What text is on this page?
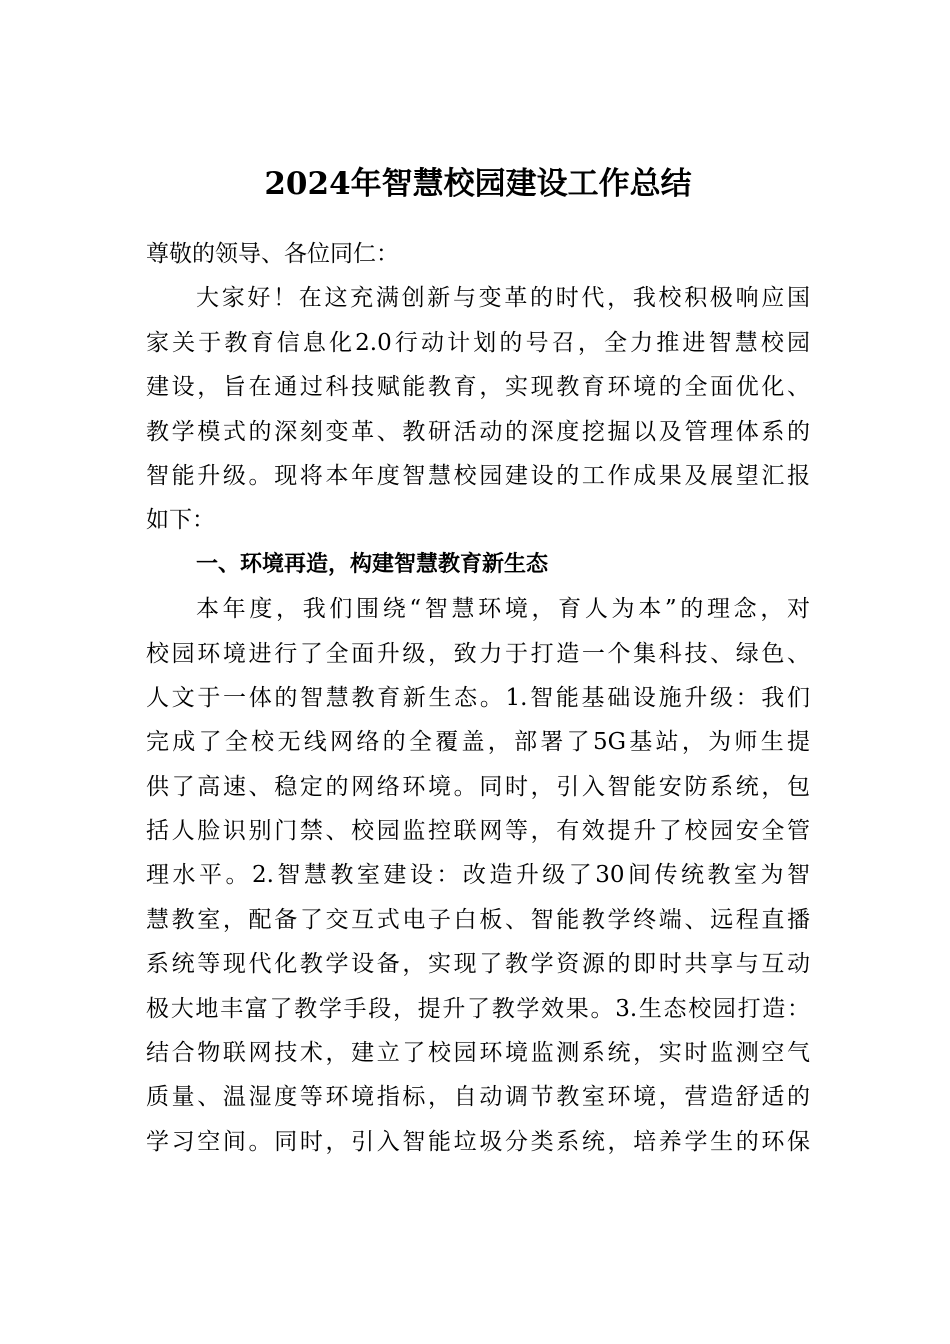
2024年智慧校园建设工作总结
尊敬的领导、各位同仁：
大家好！在这充满创新与变革的时代，我校积极响应国
家关于教育信息化2.0行动计划的号召，全力推进智慧校园
建设，旨在通过科技赋能教育，实现教育环境的全面优化、
教学模式的深刻变革、教研活动的深度挖掘以及管理体系的
智能升级。现将本年度智慧校园建设的工作成果及展望汇报
如下：
一、环境再造，构建智慧教育新生态
本年度，我们围绕“智慧环境，育人为本”的理念，对
校园环境进行了全面升级，致力于打造一个集科技、绿色、
人文于一体的智慧教育新生态。1.智能基础设施升级：我们
完成了全校无线网络的全覆盖，部署了5G基站，为师生提
供了高速、稳定的网络环境。同时，引入智能安防系统，包
括人脸识别门禁、校园监控联网等，有效提升了校园安全管
理水平。2.智慧教室建设：改造升级了30间传统教室为智
慧教室，配备了交互式电子白板、智能教学终端、远程直播
系统等现代化教学设备，实现了教学资源的即时共享与互动
极大地丰富了教学手段，提升了教学效果。3.生态校园打造：
结合物联网技术，建立了校园环境监测系统，实时监测空气
质量、温湿度等环境指标，自动调节教室环境，营造舒适的
学习空间。同时，引入智能垃圾分类系统，培养学生的环保
